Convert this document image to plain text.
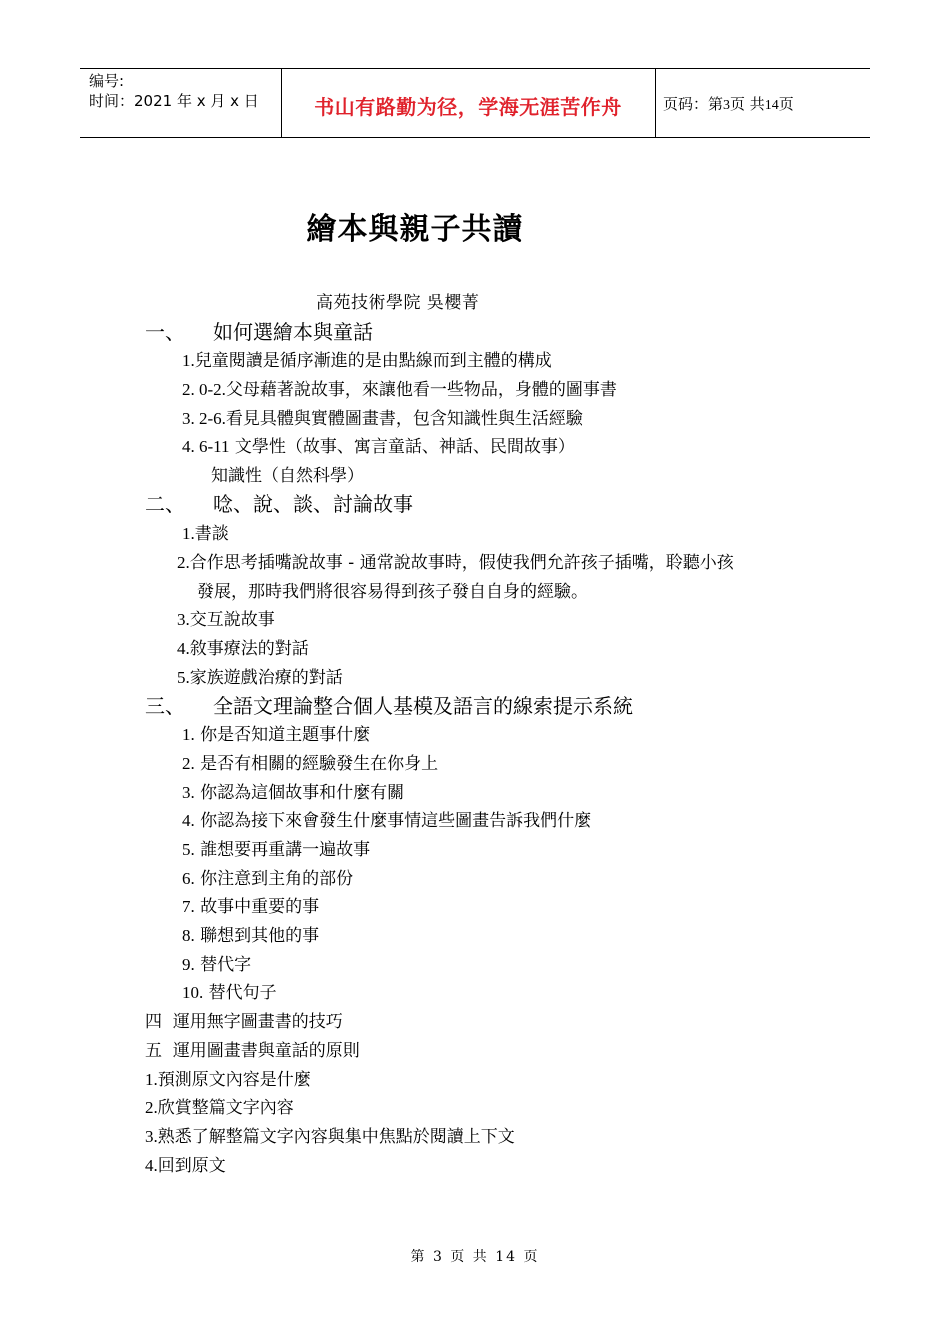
编号:
时间：2021 年 x 月 x 日	书山有路勤为径，学海无涯苦作舟	页码：第3页 共14页
繪本與親子共讀
高苑技術學院 吳櫻菁
一、 如何選繪本與童話
1.兒童閱讀是循序漸進的是由點線而到主體的構成
2. 0-2.父母藉著說故事，來讓他看一些物品，身體的圖事書
3. 2-6.看見具體與實體圖畫書，包含知識性與生活經驗
4. 6-11 文學性（故事、寓言童話、神話、民間故事）
知識性（自然科學）
二、 唸、說、談、討論故事
1.書談
2.合作思考插嘴說故事 - 通常說故事時，假使我們允許孩子插嘴，聆聽小孩
發展，那時我們將很容易得到孩子發自自身的經驗。
3.交互說故事
4.敘事療法的對話
5.家族遊戲治療的對話
三、 全語文理論整合個人基模及語言的線索提示系統
1. 你是否知道主題事什麼
2. 是否有相關的經驗發生在你身上
3. 你認為這個故事和什麼有關
4. 你認為接下來會發生什麼事情這些圖畫告訴我們什麼
5. 誰想要再重講一遍故事
6. 你注意到主角的部份
7. 故事中重要的事
8. 聯想到其他的事
9. 替代字
10. 替代句子
四 運用無字圖畫書的技巧
五 運用圖畫書與童話的原則
1.預測原文內容是什麼
2.欣賞整篇文字內容
3.熟悉了解整篇文字內容與集中焦點於閱讀上下文
4.回到原文
第 3 页 共 14 页
